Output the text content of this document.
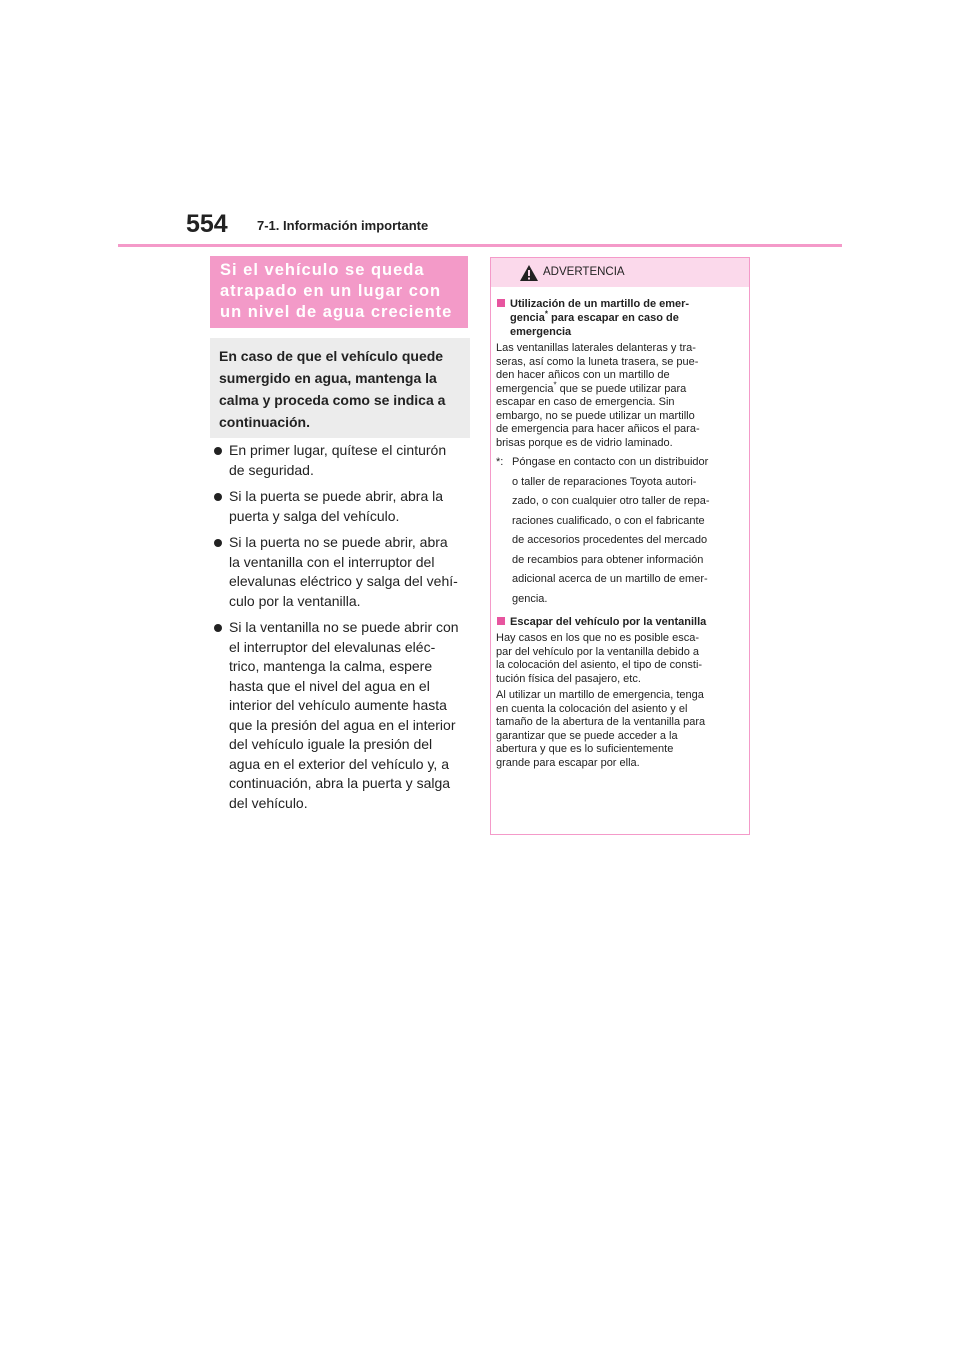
554 7-1. Información importante
Si el vehículo se queda
atrapado en un lugar con
un nivel de agua creciente
En caso de que el vehículo quede
sumergido en agua, mantenga la
calma y proceda como se indica a
continuación.
En primer lugar, quítese el cinturón
de seguridad.
Si la puerta se puede abrir, abra la
puerta y salga del vehículo.
Si la puerta no se puede abrir, abra
la ventanilla con el interruptor del
elevalunas eléctrico y salga del vehí-
culo por la ventanilla.
Si la ventanilla no se puede abrir con
el interruptor del elevalunas eléc-
trico, mantenga la calma, espere
hasta que el nivel del agua en el
interior del vehículo aumente hasta
que la presión del agua en el interior
del vehículo iguale la presión del
agua en el exterior del vehículo y, a
continuación, abra la puerta y salga
del vehículo.
ADVERTENCIA
Utilización de un martillo de emer-
gencia* para escapar en caso de
emergencia
Las ventanillas laterales delanteras y tra-
seras, así como la luneta trasera, se pue-
den hacer añicos con un martillo de
emergencia* que se puede utilizar para
escapar en caso de emergencia. Sin
embargo, no se puede utilizar un martillo
de emergencia para hacer añicos el para-
brisas porque es de vidrio laminado.
*: Póngase en contacto con un distribuidor
o taller de reparaciones Toyota autori-
zado, o con cualquier otro taller de repa-
raciones cualificado, o con el fabricante
de accesorios procedentes del mercado
de recambios para obtener información
adicional acerca de un martillo de emer-
gencia.
Escapar del vehículo por la ventanilla
Hay casos en los que no es posible esca-
par del vehículo por la ventanilla debido a
la colocación del asiento, el tipo de consti-
tución física del pasajero, etc.
Al utilizar un martillo de emergencia, tenga
en cuenta la colocación del asiento y el
tamaño de la abertura de la ventanilla para
garantizar que se puede acceder a la
abertura y que es lo suficientemente
grande para escapar por ella.
